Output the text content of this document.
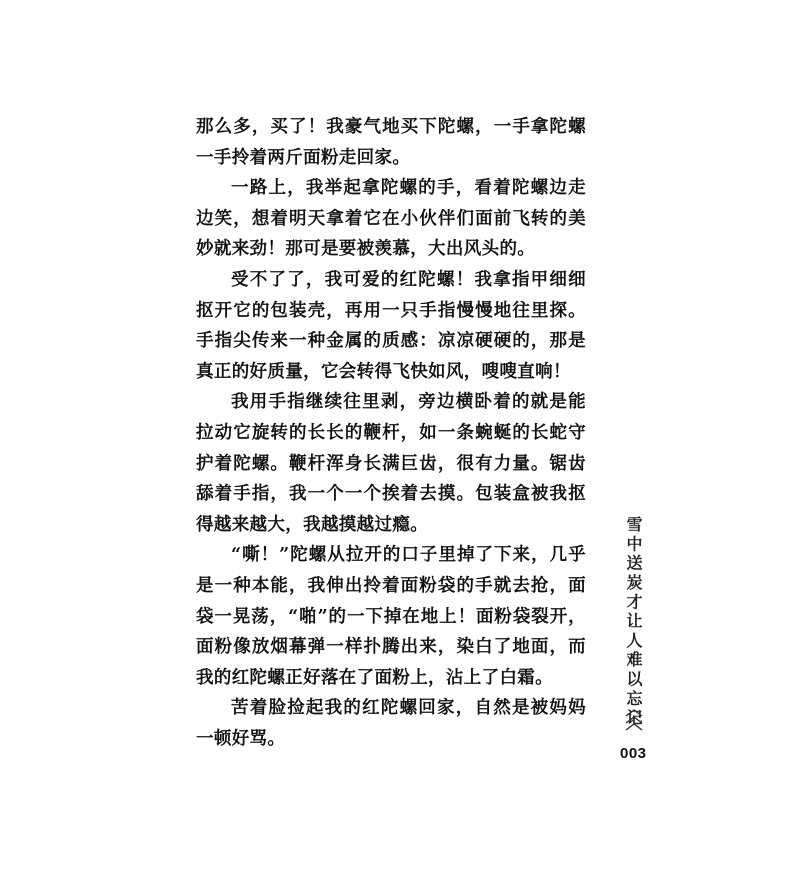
那么多，买了！我豪气地买下陀螺，一手拿陀螺一手拎着两斤面粉走回家。

一路上，我举起拿陀螺的手，看着陀螺边走边笑，想着明天拿着它在小伙伴们面前飞转的美妙就来劲！那可是要被羡慕，大出风头的。

受不了了，我可爱的红陀螺！我拿指甲细细抠开它的包装壳，再用一只手指慢慢地往里探。手指尖传来一种金属的质感：凉凉硬硬的，那是真正的好质量，它会转得飞快如风，嗖嗖直响！

我用手指继续往里剥，旁边横卧着的就是能拉动它旋转的长长的鞭杆，如一条蜿蜒的长蛇守护着陀螺。鞭杆浑身长满巨齿，很有力量。锯齿舔着手指，我一个一个挨着去摸。包装盒被我抠得越来越大，我越摸越过瘾。

“嘶！”陀螺从拉开的口子里掉了下来，几乎是一种本能，我伸出拎着面粉袋的手就去抢，面袋一晃荡，“啪”的一下掉在地上！面粉袋裂开，面粉像放烟幕弹一样扑腾出来，染白了地面，而我的红陀螺正好落在了面粉上，沾上了白霜。

苦着脸捡起我的红陀螺回家，自然是被妈妈一顿好骂。

雪中送炭才让人难以忘记
003
